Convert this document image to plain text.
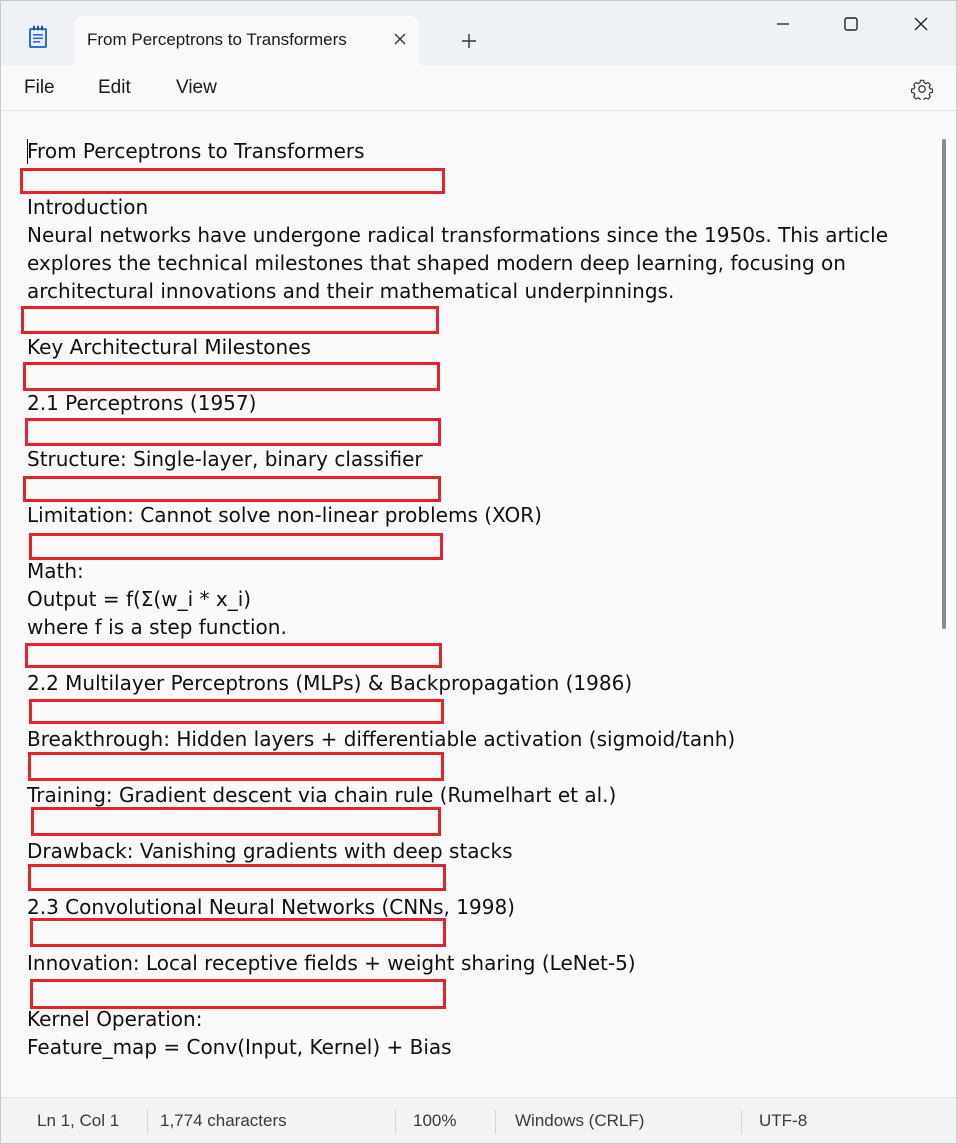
From Perceptrons to Transformers
File Edit View
From Perceptrons to Transformers
Introduction
Neural networks have undergone radical transformations since the 1950s. This article
explores the technical milestones that shaped modern deep learning, focusing on
architectural innovations and their mathematical underpinnings.
Key Architectural Milestones
2.1 Perceptrons (1957)
Structure: Single-layer, binary classifier
Limitation: Cannot solve non-linear problems (XOR)
Math:
Output = f(Σ(w_i * x_i)
where f is a step function.
2.2 Multilayer Perceptrons (MLPs) & Backpropagation (1986)
Breakthrough: Hidden layers + differentiable activation (sigmoid/tanh)
Training: Gradient descent via chain rule (Rumelhart et al.)
Drawback: Vanishing gradients with deep stacks
2.3 Convolutional Neural Networks (CNNs, 1998)
Innovation: Local receptive fields + weight sharing (LeNet-5)
Kernel Operation:
Feature_map = Conv(Input, Kernel) + Bias
Ln 1, Col 1 1,774 characters	100%	Windows (CRLF)	UTF-8
